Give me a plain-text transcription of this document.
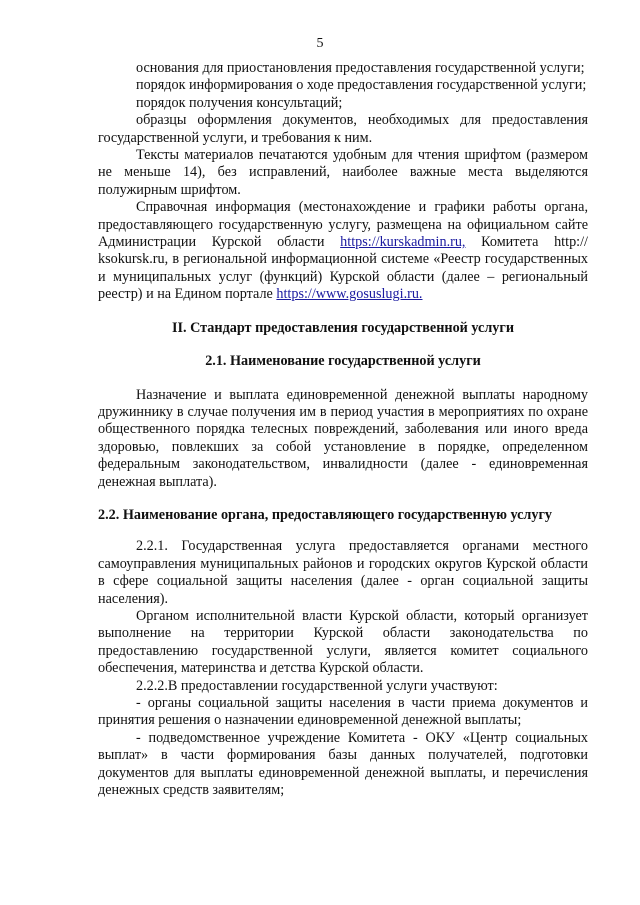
5

основания для приостановления предоставления государственной услуги;

порядок информирования о ходе предоставления государственной услуги;

порядок получения консультаций;

образцы оформления документов, необходимых для предоставления государственной услуги, и требования к ним.

Тексты материалов печатаются удобным для чтения шрифтом (размером не меньше 14), без исправлений, наиболее важные места выделяются полужирным шрифтом.

Справочная информация (местонахождение и графики работы органа, предоставляющего государственную услугу, размещена на официальном сайте Администрации Курской области https://kurskadmin.ru, Комитета http:// ksokursk.ru, в региональной информационной системе «Реестр государственных и муниципальных услуг (функций) Курской области (далее – региональный реестр) и на Едином портале https://www.gosuslugi.ru.

II. Стандарт предоставления государственной услуги

2.1. Наименование государственной услуги

Назначение и выплата единовременной денежной выплаты народному дружиннику в случае получения им в период участия в мероприятиях по охране общественного порядка телесных повреждений, заболевания или иного вреда здоровью, повлекших за собой установление в порядке, определенном федеральным законодательством, инвалидности (далее - единовременная денежная выплата).

2.2. Наименование органа, предоставляющего государственную услугу

2.2.1. Государственная услуга предоставляется органами местного самоуправления муниципальных районов и городских округов Курской области в сфере социальной защиты населения (далее - орган социальной защиты населения).

Органом исполнительной власти Курской области, который организует выполнение на территории Курской области законодательства по предоставлению государственной услуги, является комитет социального обеспечения, материнства и детства Курской области.

2.2.2.В предоставлении государственной услуги участвуют:

- органы социальной защиты населения в части приема документов и принятия решения о назначении единовременной денежной выплаты;

- подведомственное учреждение Комитета - ОКУ «Центр социальных выплат» в части формирования базы данных получателей, подготовки документов для выплаты единовременной денежной выплаты, и перечисления денежных средств заявителям;
